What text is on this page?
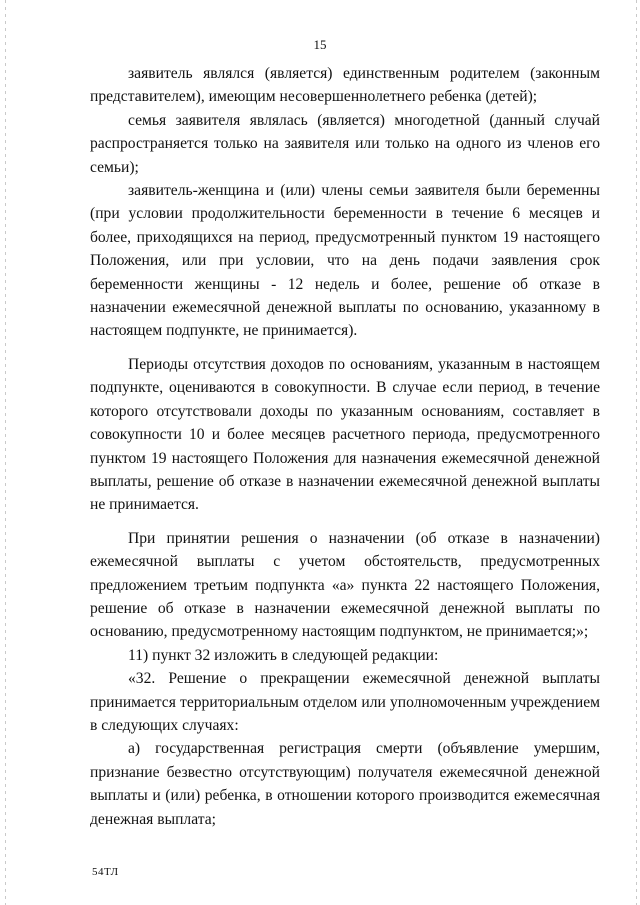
15

заявитель являлся (является) единственным родителем (законным представителем), имеющим несовершеннолетнего ребенка (детей);

семья заявителя являлась (является) многодетной (данный случай распространяется только на заявителя или только на одного из членов его семьи);

заявитель-женщина и (или) члены семьи заявителя были беременны (при условии продолжительности беременности в течение 6 месяцев и более, приходящихся на период, предусмотренный пунктом 19 настоящего Положения, или при условии, что на день подачи заявления срок беременности женщины - 12 недель и более, решение об отказе в назначении ежемесячной денежной выплаты по основанию, указанному в настоящем подпункте, не принимается).

Периоды отсутствия доходов по основаниям, указанным в настоящем подпункте, оцениваются в совокупности. В случае если период, в течение которого отсутствовали доходы по указанным основаниям, составляет в совокупности 10 и более месяцев расчетного периода, предусмотренного пунктом 19 настоящего Положения для назначения ежемесячной денежной выплаты, решение об отказе в назначении ежемесячной денежной выплаты не принимается.

При принятии решения о назначении (об отказе в назначении) ежемесячной выплаты с учетом обстоятельств, предусмотренных предложением третьим подпункта «а» пункта 22 настоящего Положения, решение об отказе в назначении ежемесячной денежной выплаты по основанию, предусмотренному настоящим подпунктом, не принимается;»;

11) пункт 32 изложить в следующей редакции:

«32. Решение о прекращении ежемесячной денежной выплаты принимается территориальным отделом или уполномоченным учреждением в следующих случаях:

а) государственная регистрация смерти (объявление умершим, признание безвестно отсутствующим) получателя ежемесячной денежной выплаты и (или) ребенка, в отношении которого производится ежемесячная денежная выплата;

54ТЛ
